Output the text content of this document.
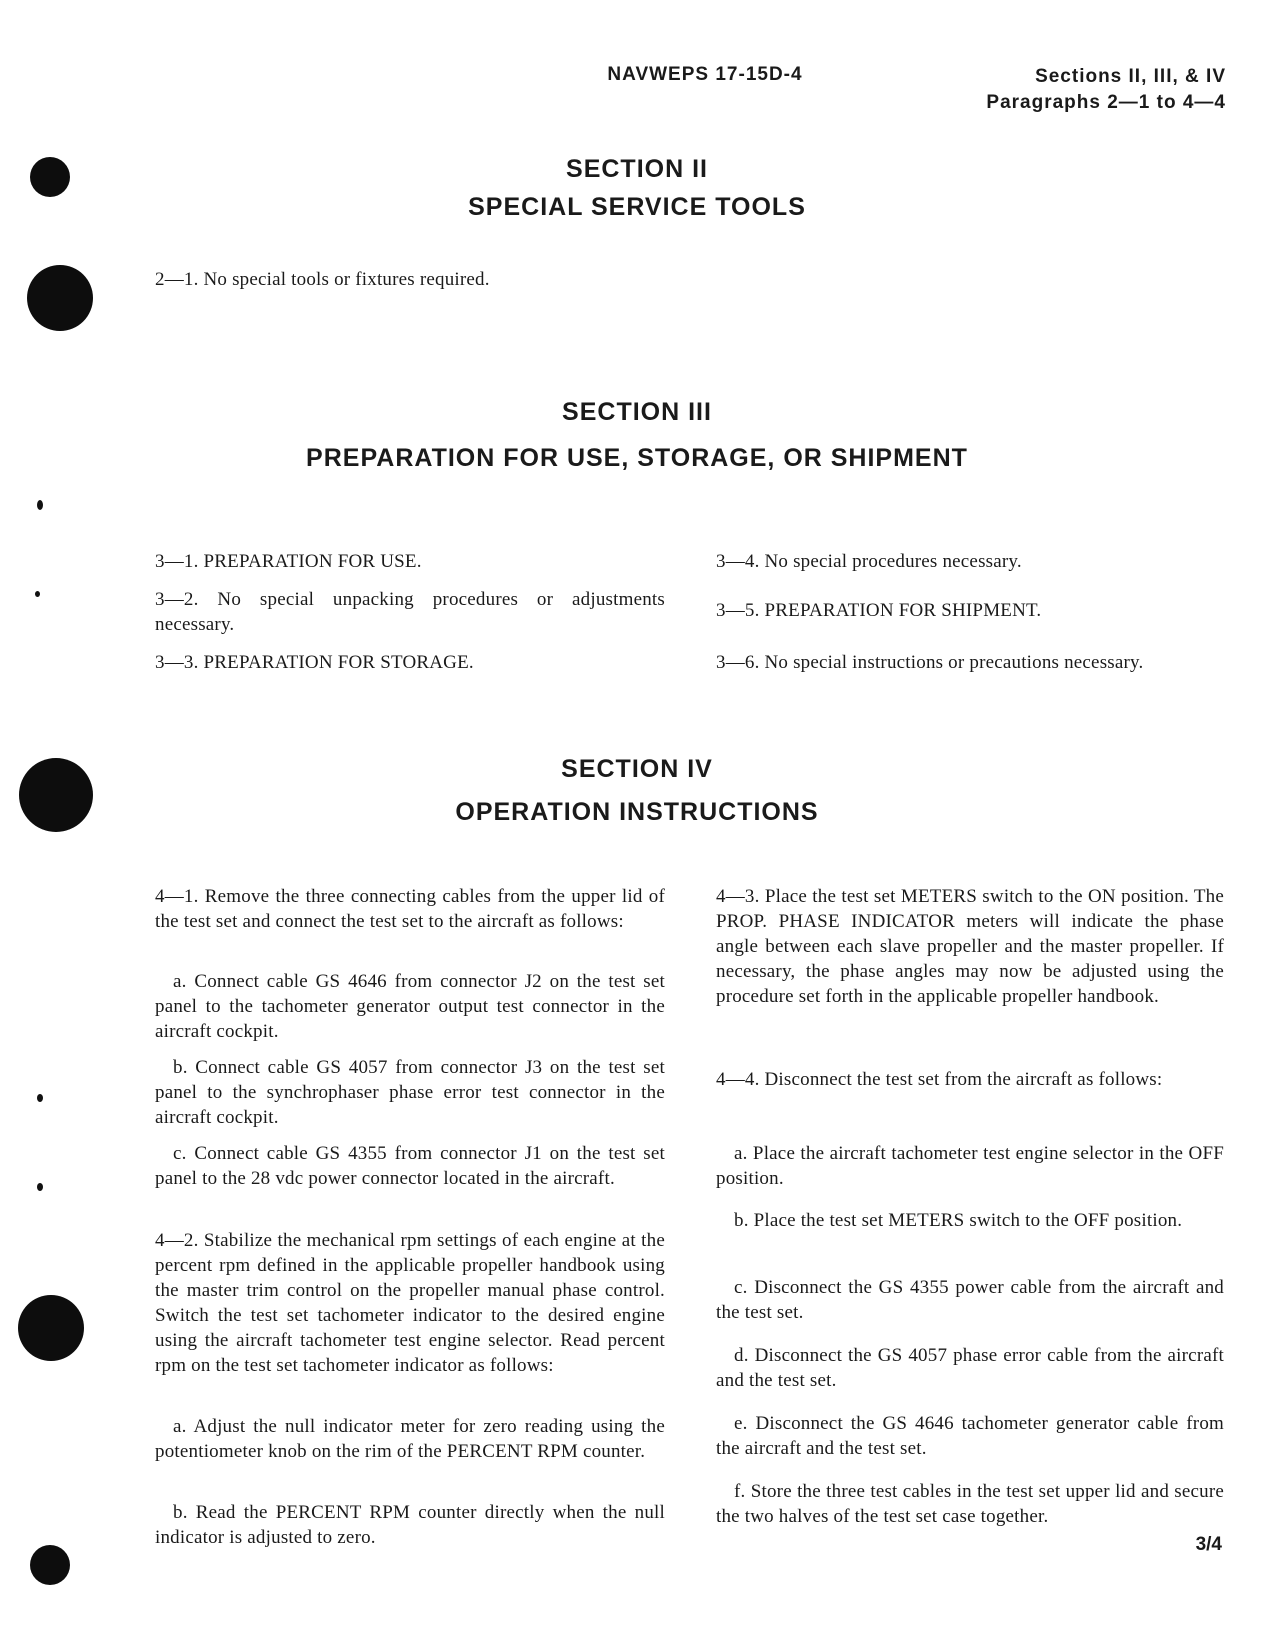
NAVWEPS 17-15D-4	Sections II, III, & IV
Paragraphs 2—1 to 4—4
SECTION II
SPECIAL SERVICE TOOLS
2—1. No special tools or fixtures required.
SECTION III
PREPARATION FOR USE, STORAGE, OR SHIPMENT
3—1. PREPARATION FOR USE.
3—2. No special unpacking procedures or adjustments necessary.
3—3. PREPARATION FOR STORAGE.
3—4. No special procedures necessary.
3—5. PREPARATION FOR SHIPMENT.
3—6. No special instructions or precautions necessary.
SECTION IV
OPERATION INSTRUCTIONS
4—1. Remove the three connecting cables from the upper lid of the test set and connect the test set to the aircraft as follows:
a. Connect cable GS 4646 from connector J2 on the test set panel to the tachometer generator output test connector in the aircraft cockpit.
b. Connect cable GS 4057 from connector J3 on the test set panel to the synchrophaser phase error test connector in the aircraft cockpit.
c. Connect cable GS 4355 from connector J1 on the test set panel to the 28 vdc power connector located in the aircraft.
4—2. Stabilize the mechanical rpm settings of each engine at the percent rpm defined in the applicable propeller handbook using the master trim control on the propeller manual phase control. Switch the test set tachometer indicator to the desired engine using the aircraft tachometer test engine selector. Read percent rpm on the test set tachometer indicator as follows:
a. Adjust the null indicator meter for zero reading using the potentiometer knob on the rim of the PERCENT RPM counter.
b. Read the PERCENT RPM counter directly when the null indicator is adjusted to zero.
4—3. Place the test set METERS switch to the ON position. The PROP. PHASE INDICATOR meters will indicate the phase angle between each slave propeller and the master propeller. If necessary, the phase angles may now be adjusted using the procedure set forth in the applicable propeller handbook.
4—4. Disconnect the test set from the aircraft as follows:
a. Place the aircraft tachometer test engine selector in the OFF position.
b. Place the test set METERS switch to the OFF position.
c. Disconnect the GS 4355 power cable from the aircraft and the test set.
d. Disconnect the GS 4057 phase error cable from the aircraft and the test set.
e. Disconnect the GS 4646 tachometer generator cable from the aircraft and the test set.
f. Store the three test cables in the test set upper lid and secure the two halves of the test set case together.
3/4
